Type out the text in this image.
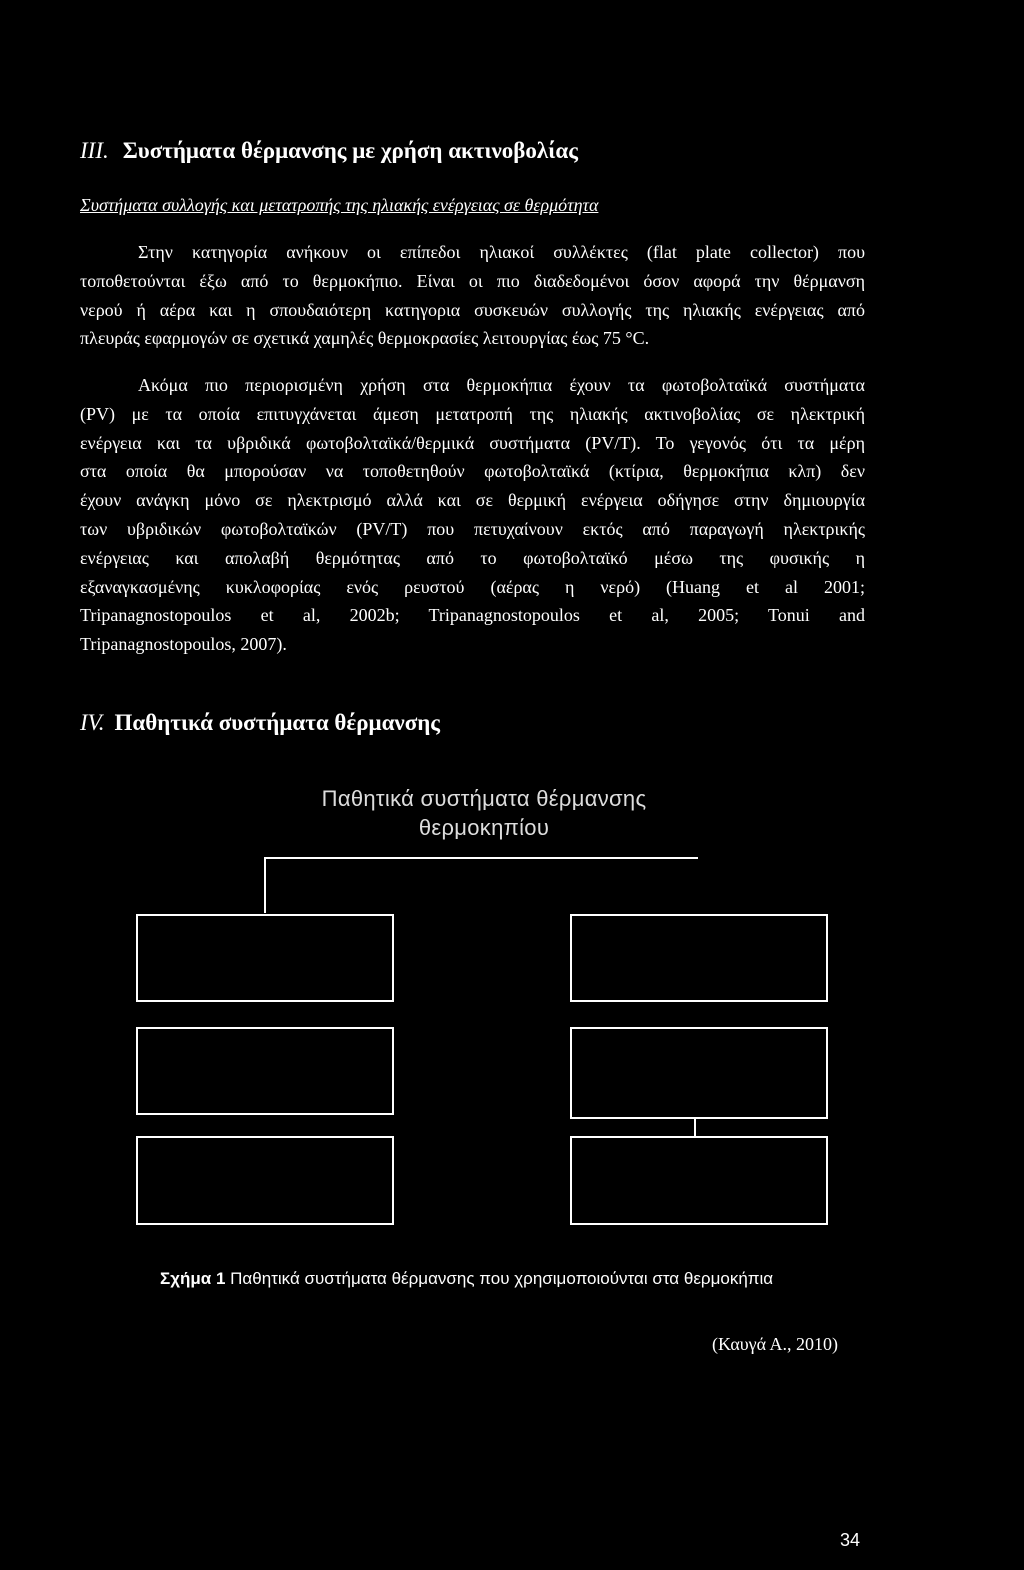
III. Συστήματα θέρμανσης με χρήση ακτινοβολίας
Συστήματα συλλογής και μετατροπής της ηλιακής ενέργειας σε θερμότητα
Στην κατηγορία ανήκουν οι επίπεδοι ηλιακοί συλλέκτες (flat plate collector) που
τοποθετούνται έξω από το θερμοκήπιο. Είναι οι πιο διαδεδομένοι όσον αφορά την θέρμανση
νερού ή αέρα και η σπουδαιότερη κατηγορια συσκευών συλλογής της ηλιακής ενέργειας από
πλευράς εφαρμογών σε σχετικά χαμηλές θερμοκρασίες λειτουργίας έως 75 °C.
Ακόμα πιο περιορισμένη χρήση στα θερμοκήπια έχουν τα φωτοβολταϊκά συστήματα
(PV) με τα οποία επιτυγχάνεται άμεση μετατροπή της ηλιακής ακτινοβολίας σε ηλεκτρική
ενέργεια και τα υβριδικά φωτοβολταϊκά/θερμικά συστήματα (PV/T). Το γεγονός ότι τα μέρη
στα οποία θα μπορούσαν να τοποθετηθούν φωτοβολταϊκά (κτίρια, θερμοκήπια κλπ) δεν
έχουν ανάγκη μόνο σε ηλεκτρισμό αλλά και σε θερμική ενέργεια οδήγησε στην δημιουργία
των υβριδικών φωτοβολταϊκών (PV/T) που πετυχαίνουν εκτός από παραγωγή ηλεκτρικής
ενέργειας και απολαβή θερμότητας από το φωτοβολταϊκό μέσω της φυσικής η
εξαναγκασμένης κυκλοφορίας ενός ρευστού (αέρας η νερό) (Huang et al 2001;
Tripanagnostopoulos et al, 2002b; Tripanagnostopoulos et al, 2005; Tonui and
Tripanagnostopoulos, 2007).
IV. Παθητικά συστήματα θέρμανσης
Παθητικά συστήματα θέρμανσης
θερμοκηπίου
Σχήμα 1 Παθητικά συστήματα θέρμανσης που χρησιμοποιούνται στα θερμοκήπια
(Καυγά Α., 2010)
34
